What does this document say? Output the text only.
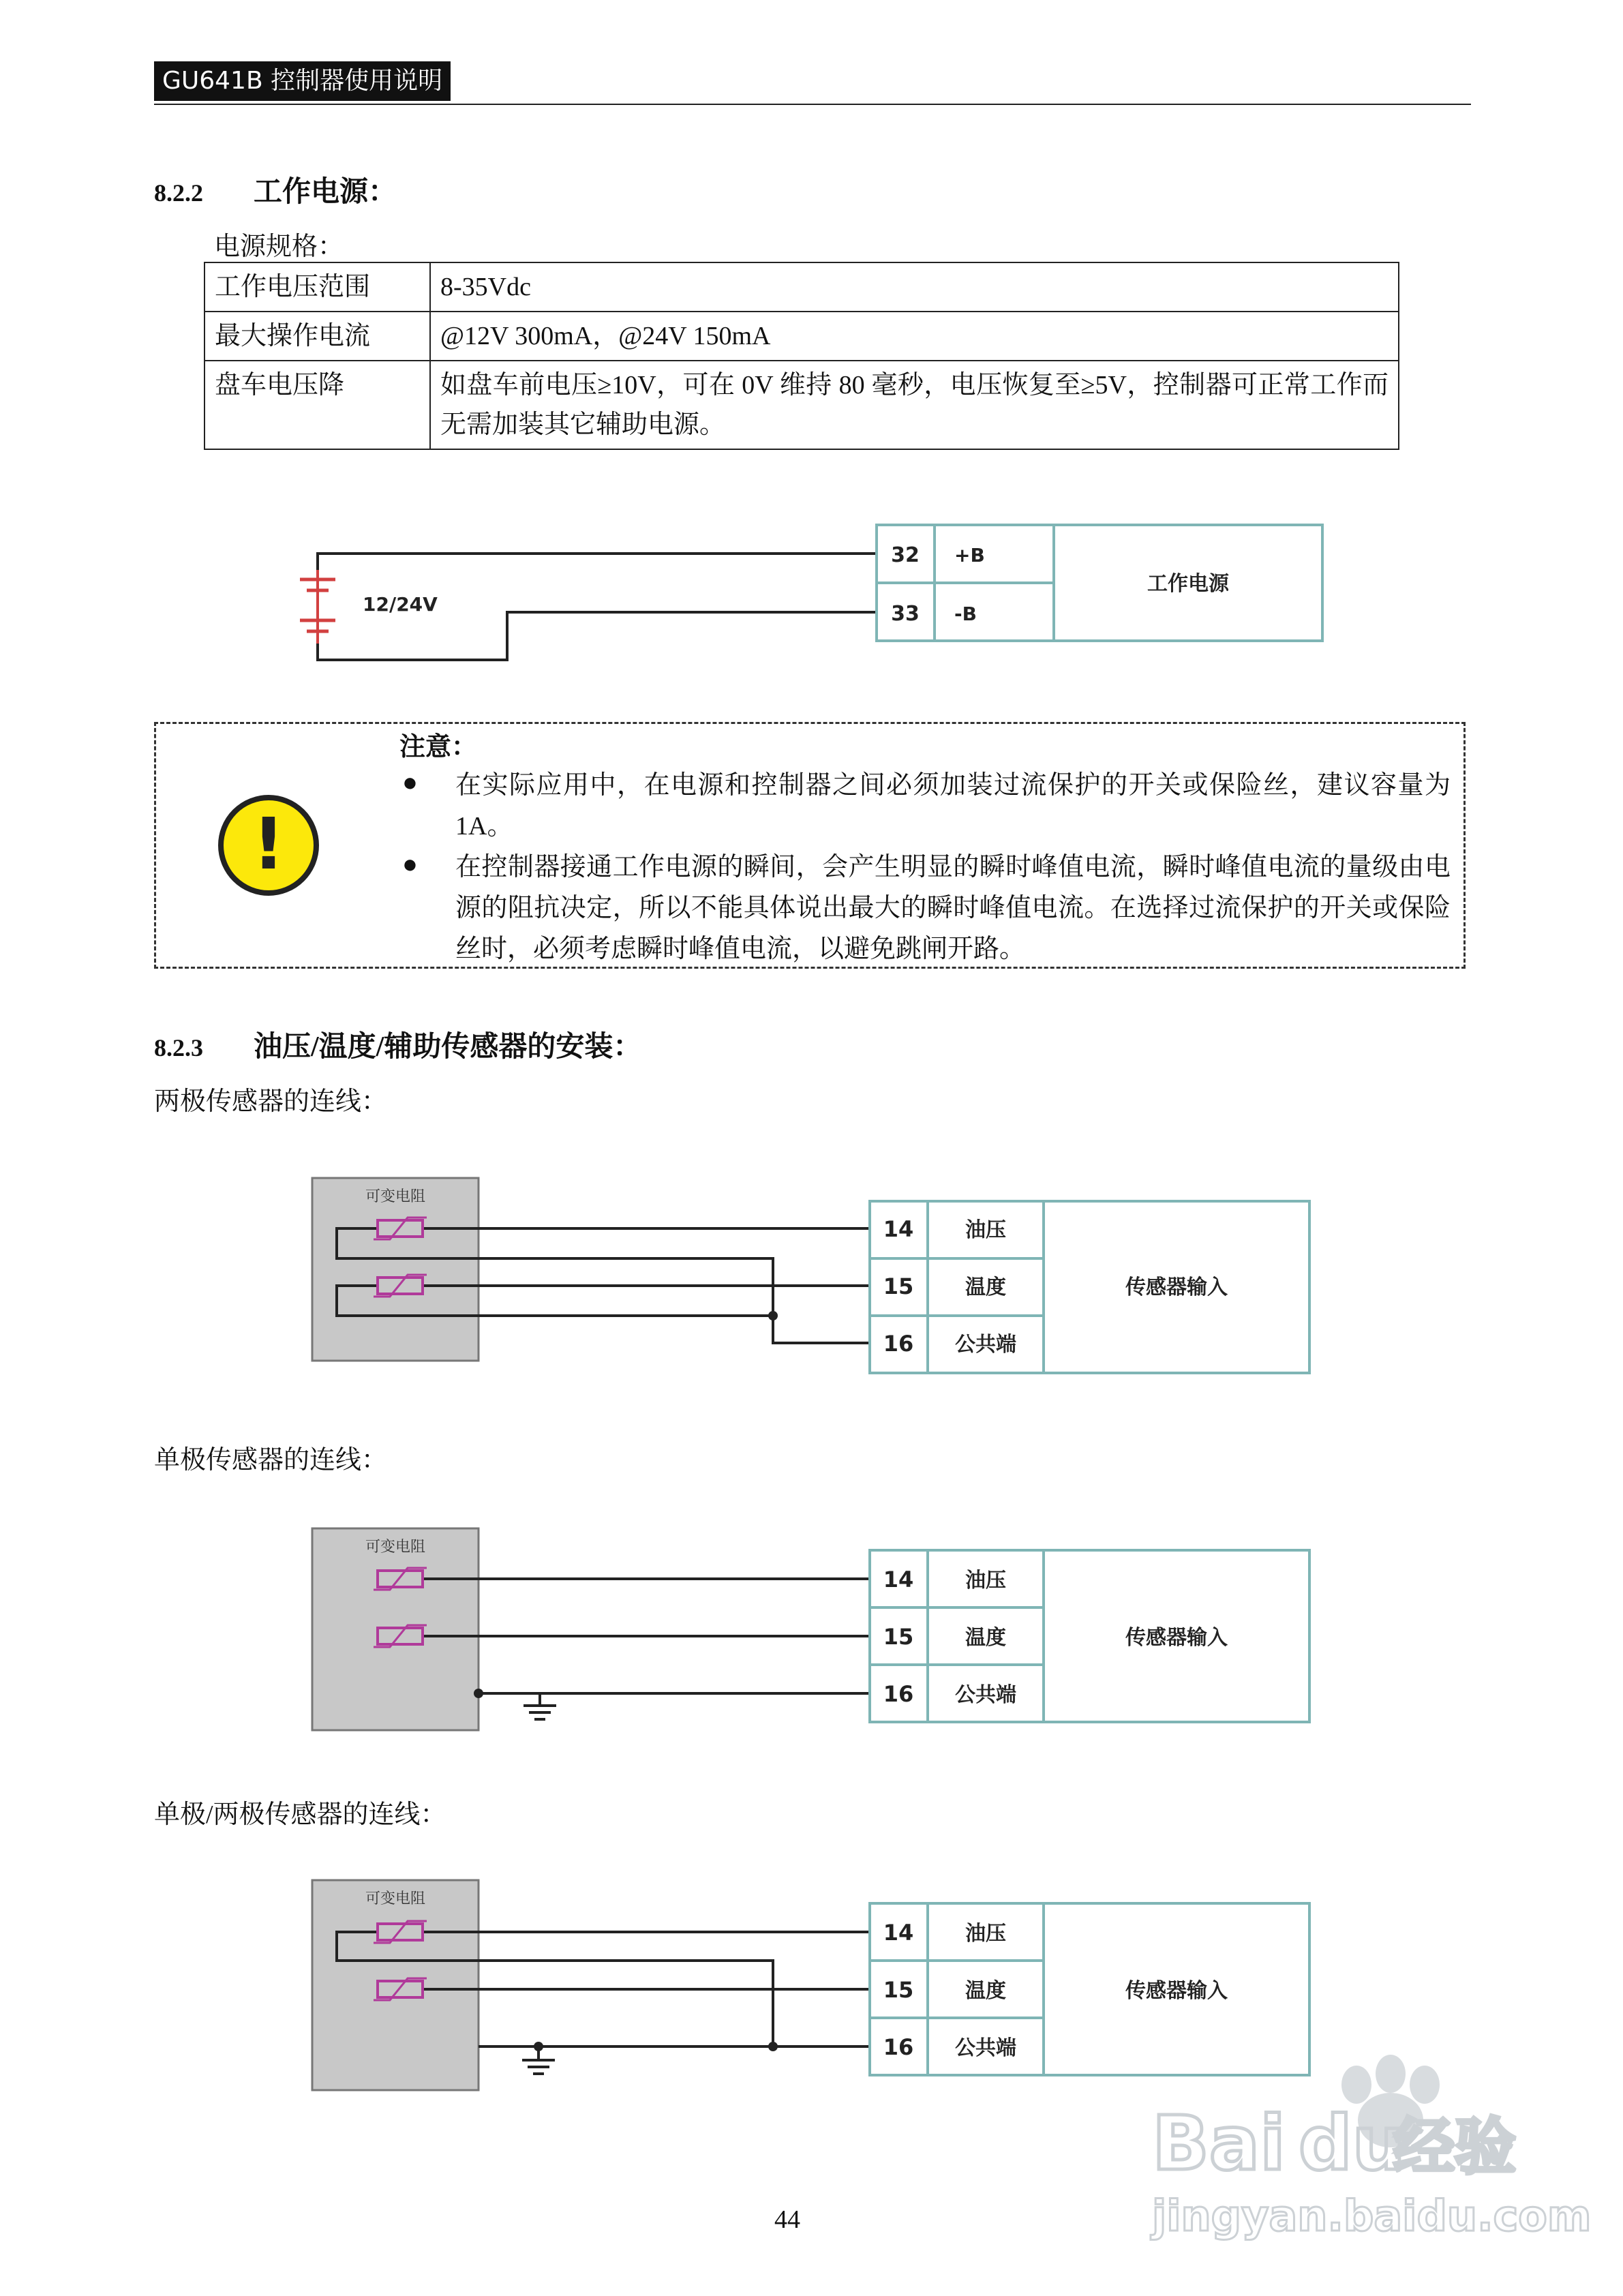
GU641B 控制器使用说明
8.2.2 工作电源：
电源规格：
工作电压范围	8-35Vdc
最大操作电流	@12V 300mA，@24V 150mA
盘车电压降	如盘车前电压≥10V，可在 0V 维持 80 毫秒，电压恢复至≥5V，控制器可正常工作而无需加装其它辅助电源。
12/24V
32 +B
33 -B
工作电源
可变电阻
14	油压
15	温度
16 公共端
传感器输入
可变电阻
14	油压
15	温度
16 公共端
传感器输入
可变电阻
14	油压
15	温度
16 公共端
传感器输入
Bai du
经验
jingyan.baidu.com
!
注意：
● 在实际应用中，在电源和控制器之间必须加装过流保护的开关或保险丝，建议容量为 1A。
● 在控制器接通工作电源的瞬间，会产生明显的瞬时峰值电流，瞬时峰值电流的量级由电源的阻抗决定，所以不能具体说出最大的瞬时峰值电流。在选择过流保护的开关或保险丝时，必须考虑瞬时峰值电流，以避免跳闸开路。
8.2.3 油压/温度/辅助传感器的安装：
两极传感器的连线：
单极传感器的连线：
单极/两极传感器的连线：
44
